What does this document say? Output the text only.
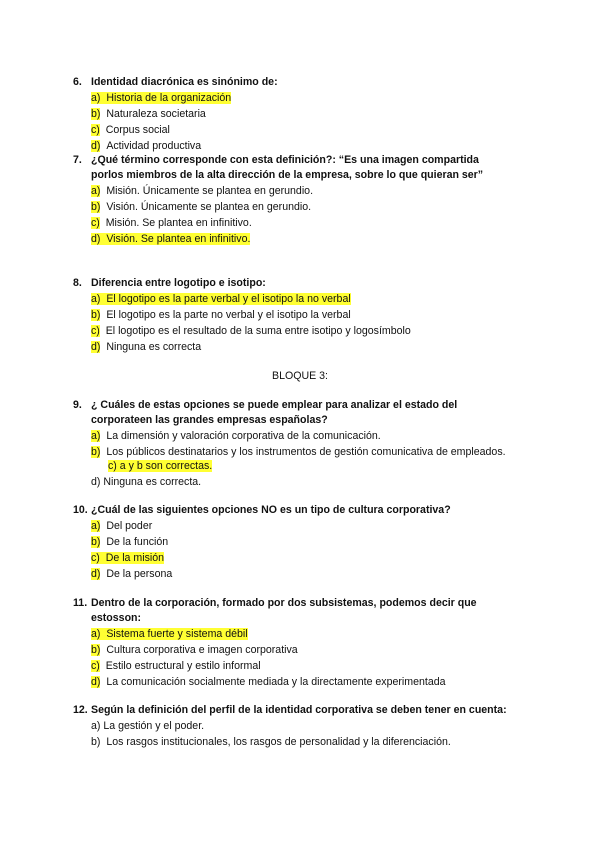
6. Identidad diacrónica es sinónimo de:
a) Historia de la organización
b) Naturaleza societaria
c) Corpus social
d) Actividad productiva
7. ¿Qué término corresponde con esta definición?: “Es una imagen compartida
porlos miembros de la alta dirección de la empresa, sobre lo que quieran ser”
a) Misión. Únicamente se plantea en gerundio.
b) Visión. Únicamente se plantea en gerundio.
c) Misión. Se plantea en infinitivo.
d) Visión. Se plantea en infinitivo.
8. Diferencia entre logotipo e isotipo:
a) El logotipo es la parte verbal y el isotipo la no verbal
b) El logotipo es la parte no verbal y el isotipo la verbal
c) El logotipo es el resultado de la suma entre isotipo y logosímbolo
d) Ninguna es correcta
BLOQUE 3:
9. ¿ Cuáles de estas opciones se puede emplear para analizar el estado del
corporateen las grandes empresas españolas?
a) La dimensión y valoración corporativa de la comunicación.
b) Los públicos destinatarios y los instrumentos de gestión comunicativa de empleados.
c) a y b son correctas.
d) Ninguna es correcta.
10. ¿Cuál de las siguientes opciones NO es un tipo de cultura corporativa?
a) Del poder
b) De la función
c) De la misión
d) De la persona
11. Dentro de la corporación, formado por dos subsistemas, podemos decir que
estosson:
a) Sistema fuerte y sistema débil
b) Cultura corporativa e imagen corporativa
c) Estilo estructural y estilo informal
d) La comunicación socialmente mediada y la directamente experimentada
12. Según la definición del perfil de la identidad corporativa se deben tener en cuenta:
a) La gestión y el poder.
b) Los rasgos institucionales, los rasgos de personalidad y la diferenciación.
